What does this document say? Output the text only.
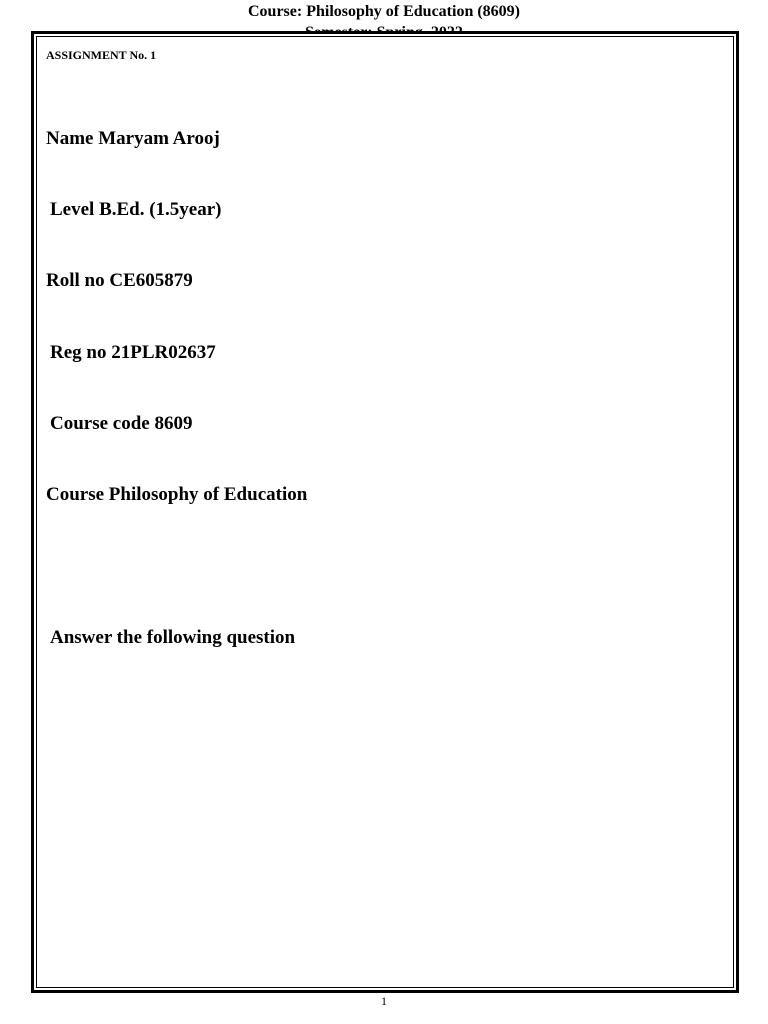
Course: Philosophy of Education (8609)
ASSIGNMENT No. 1
Name Maryam Arooj
Level B.Ed. (1.5year)
Roll no CE605879
Reg no 21PLR02637
Course code 8609
Course Philosophy of Education
Answer the following question
1
